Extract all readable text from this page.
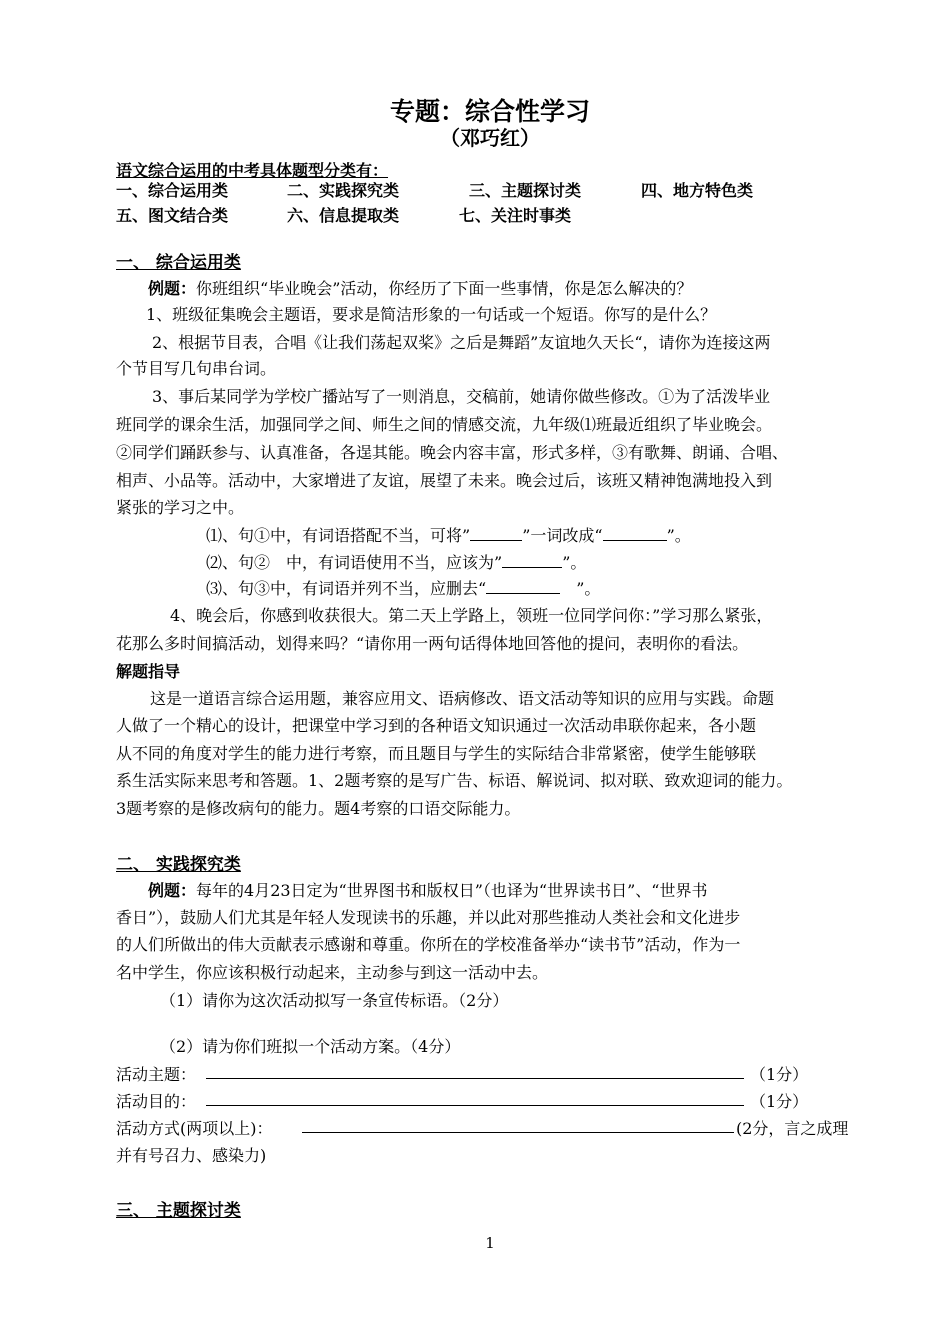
专题：综合性学习
（邓巧红）
语文综合运用的中考具体题型分类有：
一、综合运用类	二、实践探究类	三、主题探讨类	四、地方特色类
五、图文结合类	六、信息提取类	七、关注时事类
一、 综合运用类
例题：你班组织“毕业晚会”活动，你经历了下面一些事情，你是怎么解决的？
1、班级征集晚会主题语，要求是简洁形象的一句话或一个短语。你写的是什么？
2、根据节目表，合唱《让我们荡起双桨》之后是舞蹈”友谊地久天长“，请你为连接这两
个节目写几句串台词。
3、事后某同学为学校广播站写了一则消息，交稿前，她请你做些修改。①为了活泼毕业
班同学的课余生活，加强同学之间、师生之间的情感交流，九年级⑴班最近组织了毕业晚会。
②同学们踊跃参与、认真准备，各逞其能。晚会内容丰富，形式多样，③有歌舞、朗诵、合唱、
相声、小品等。活动中，大家增进了友谊，展望了未来。晚会过后，该班又精神饱满地投入到
紧张的学习之中。
⑴、句①中，有词语搭配不当，可将”	”一词改成“	”。
⑵、句②　中，有词语使用不当，应该为”	”。
⑶、句③中，有词语并列不当，应删去“	　”。
4、晚会后，你感到收获很大。第二天上学路上，领班一位同学问你：”学习那么紧张，
花那么多时间搞活动，划得来吗？“请你用一两句话得体地回答他的提问，表明你的看法。
解题指导
这是一道语言综合运用题，兼容应用文、语病修改、语文活动等知识的应用与实践。命题
人做了一个精心的设计，把课堂中学习到的各种语文知识通过一次活动串联你起来，各小题
从不同的角度对学生的能力进行考察，而且题目与学生的实际结合非常紧密，使学生能够联
系生活实际来思考和答题。1、2题考察的是写广告、标语、解说词、拟对联、致欢迎词的能力。
3题考察的是修改病句的能力。题4考察的口语交际能力。
二、 实践探究类
例题：每年的4月23日定为“世界图书和版权日”（也译为“世界读书日”、“世界书
香日”），鼓励人们尤其是年轻人发现读书的乐趣，并以此对那些推动人类社会和文化进步
的人们所做出的伟大贡献表示感谢和尊重。你所在的学校准备举办“读书节”活动，作为一
名中学生，你应该积极行动起来，主动参与到这一活动中去。
（1）请你为这次活动拟写一条宣传标语。（2分）
（2）请为你们班拟一个活动方案。（4分）
活动主题：	（1分）
活动目的：	（1分）
活动方式(两项以上)：	(2分，言之成理
并有号召力、感染力)
三、 主题探讨类
1
